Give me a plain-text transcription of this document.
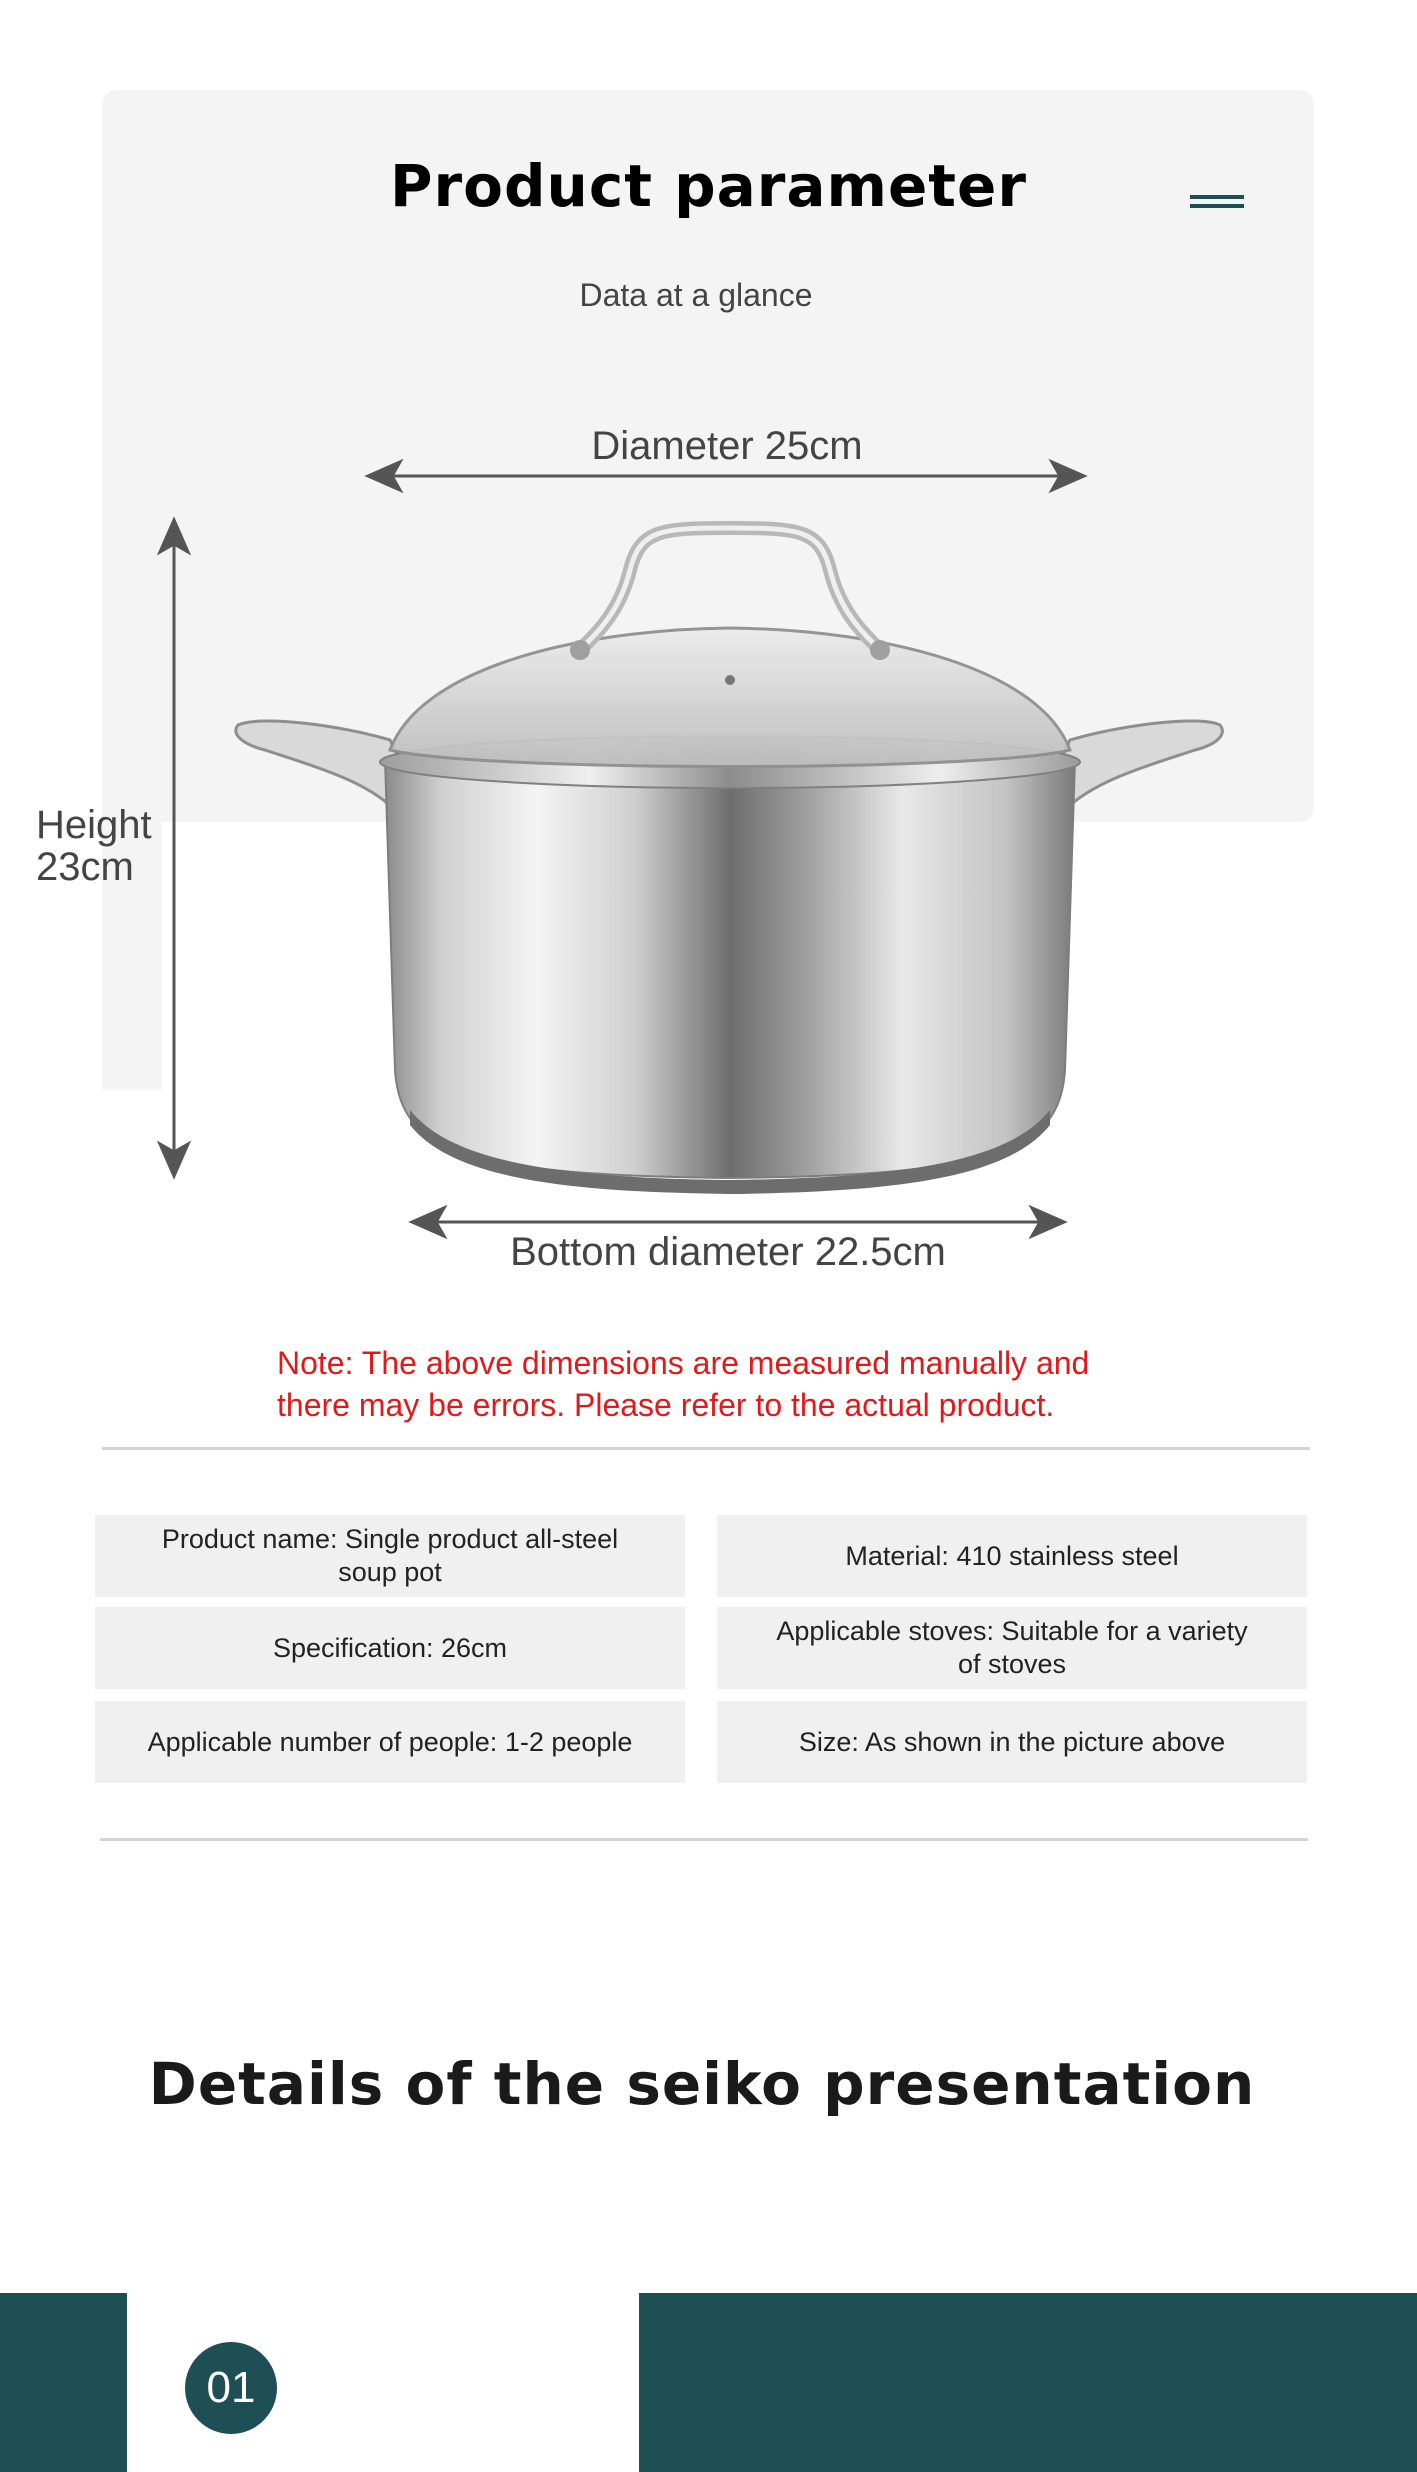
Product parameter
Data at a glance
Diameter 25cm
Height
23cm
Bottom diameter 22.5cm
Note: The above dimensions are measured manually and
there may be errors. Please refer to the actual product.
Product name: Single product all-steel
soup pot
Material: 410 stainless steel
Specification: 26cm
Applicable stoves: Suitable for a variety
of stoves
Applicable number of people: 1-2 people	Size: As shown in the picture above
Details of the seiko presentation
01
